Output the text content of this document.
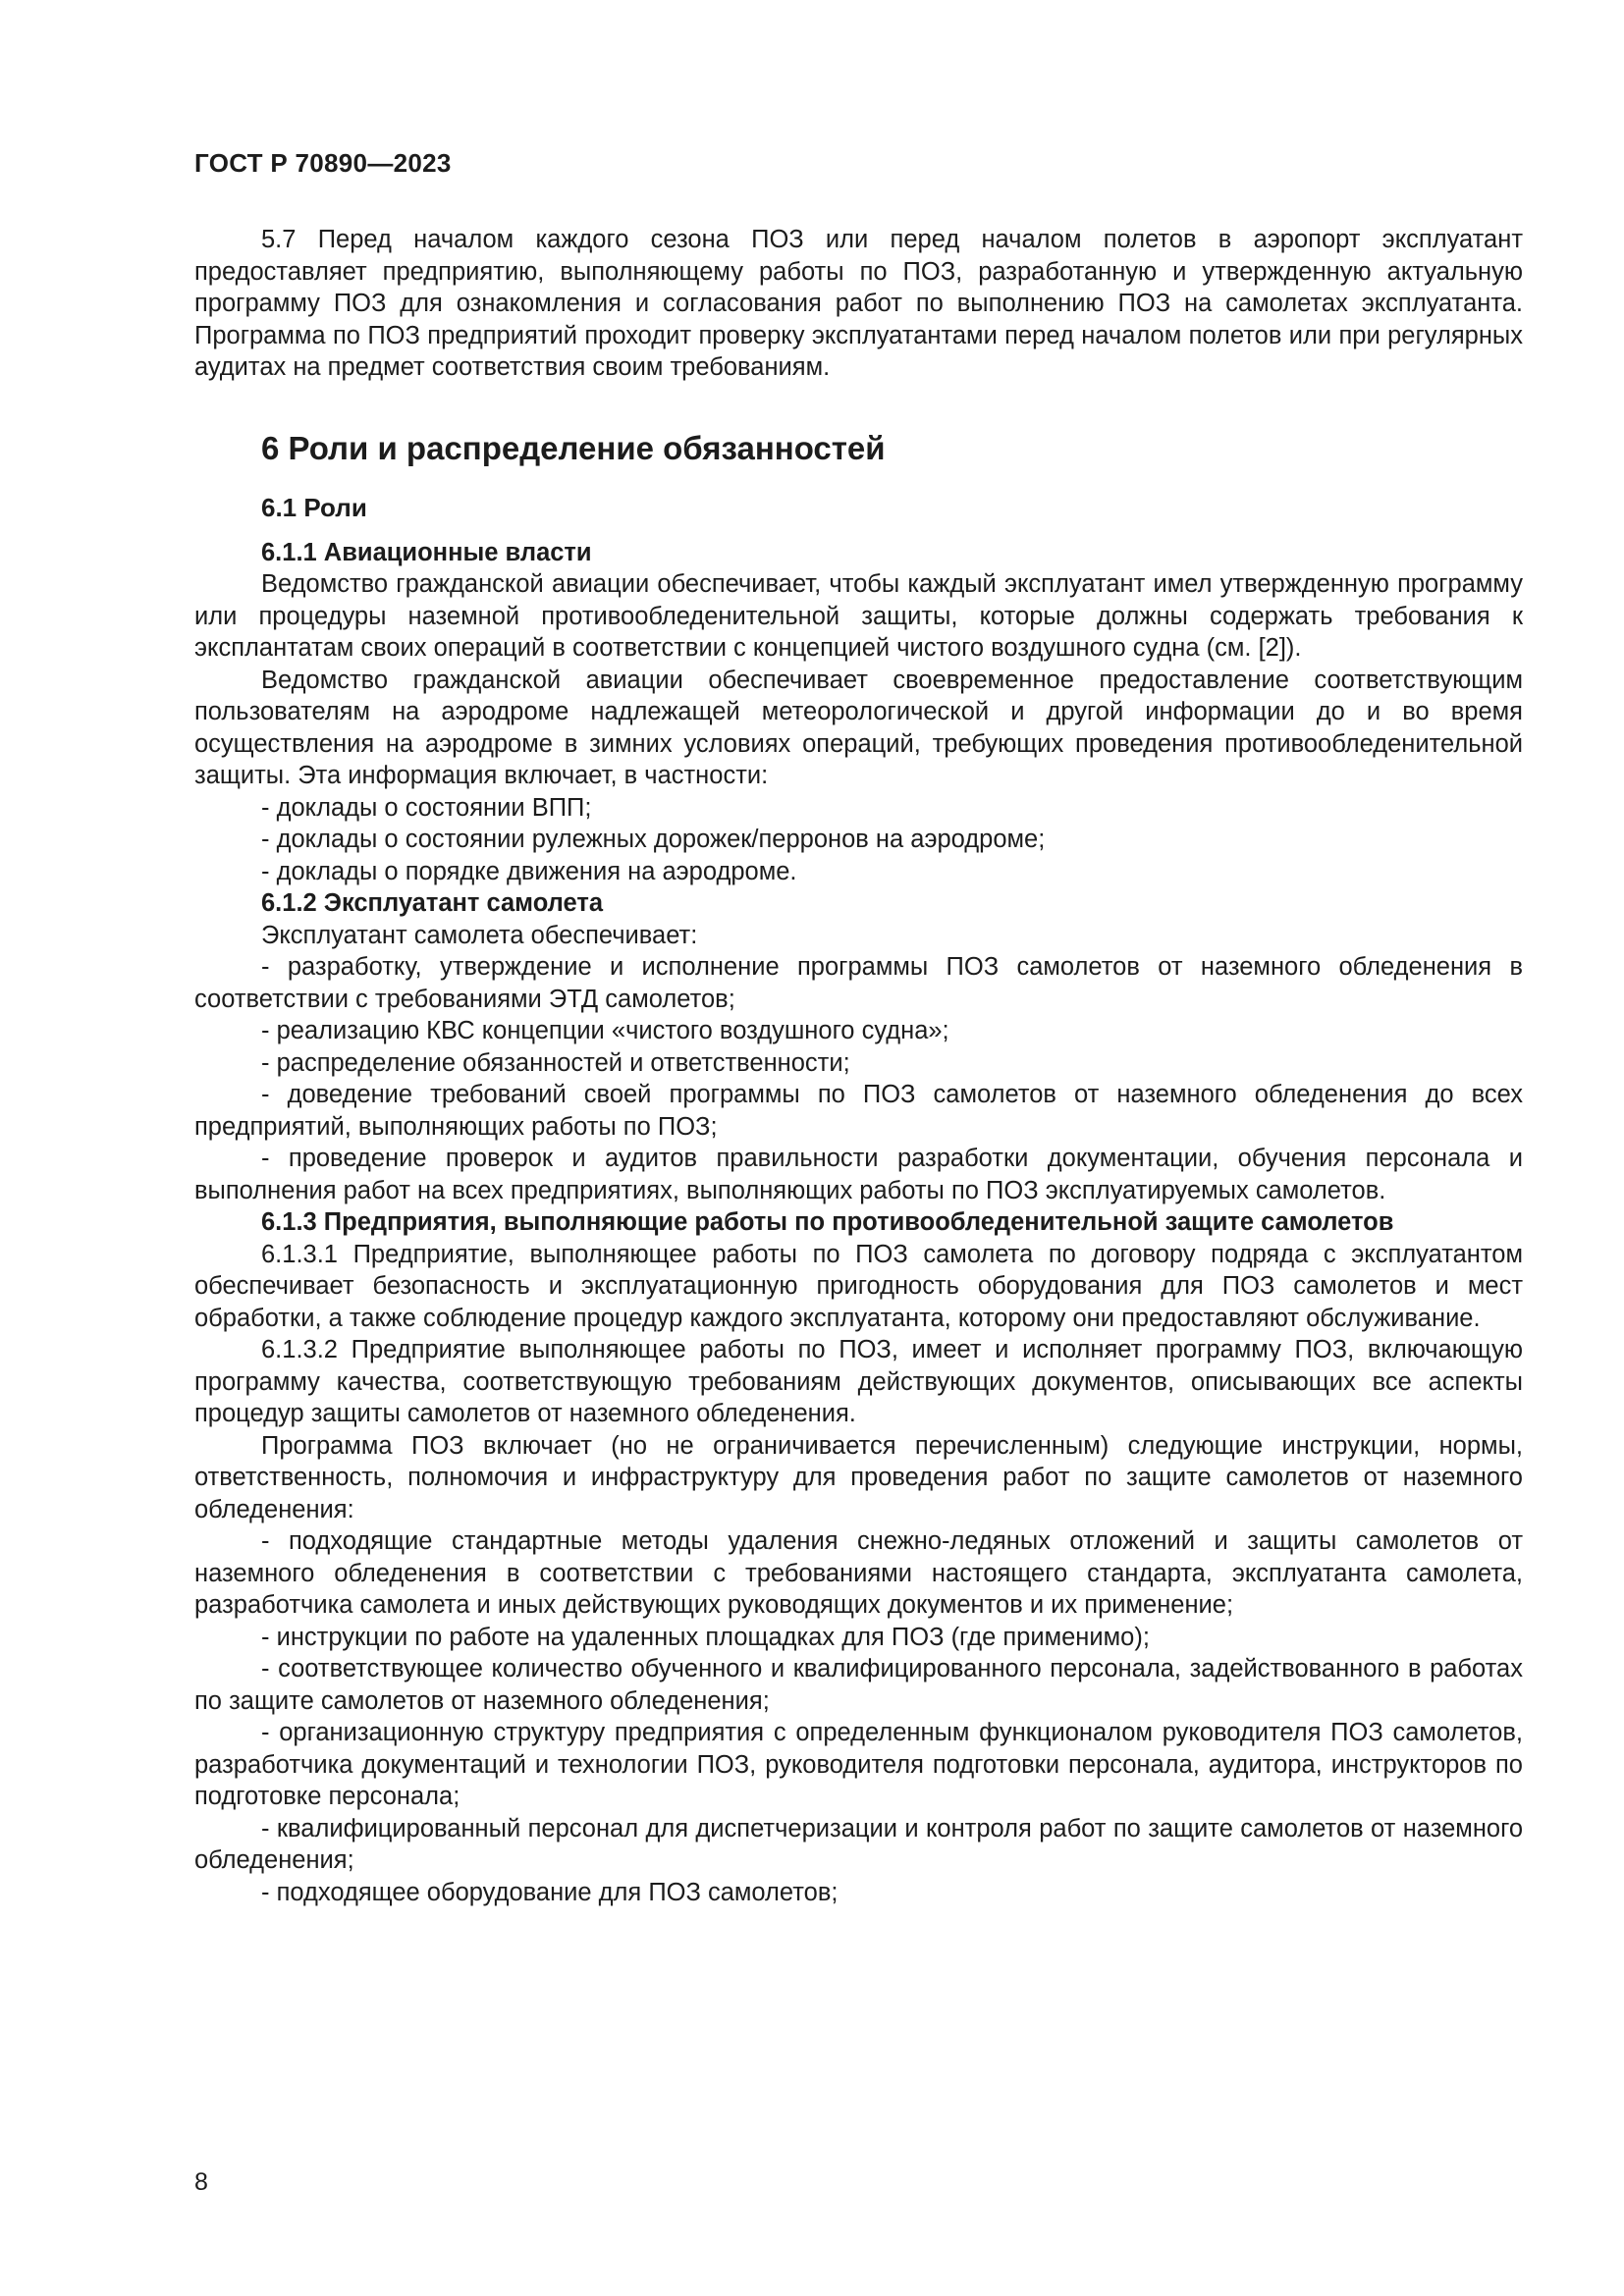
ГОСТ Р 70890—2023

5.7 Перед началом каждого сезона ПОЗ или перед началом полетов в аэропорт эксплуатант предоставляет предприятию, выполняющему работы по ПОЗ, разработанную и утвержденную актуальную программу ПОЗ для ознакомления и согласования работ по выполнению ПОЗ на самолетах эксплуатанта. Программа по ПОЗ предприятий проходит проверку эксплуатантами перед началом полетов или при регулярных аудитах на предмет соответствия своим требованиям.

6 Роли и распределение обязанностей
6.1 Роли
6.1.1 Авиационные власти

Ведомство гражданской авиации обеспечивает, чтобы каждый эксплуатант имел утвержденную программу или процедуры наземной противообледенительной защиты, которые должны содержать требования к эксплантатам своих операций в соответствии с концепцией чистого воздушного судна (см. [2]).

Ведомство гражданской авиации обеспечивает своевременное предоставление соответствующим пользователям на аэродроме надлежащей метеорологической и другой информации до и во время осуществления на аэродроме в зимних условиях операций, требующих проведения противообледенительной защиты. Эта информация включает, в частности:

- доклады о состоянии ВПП;

- доклады о состоянии рулежных дорожек/перронов на аэродроме;

- доклады о порядке движения на аэродроме.

6.1.2 Эксплуатант самолета

Эксплуатант самолета обеспечивает:

- разработку, утверждение и исполнение программы ПОЗ самолетов от наземного обледенения в соответствии с требованиями ЭТД самолетов;

- реализацию КВС концепции «чистого воздушного судна»;

- распределение обязанностей и ответственности;

- доведение требований своей программы по ПОЗ самолетов от наземного обледенения до всех предприятий, выполняющих работы по ПОЗ;

- проведение проверок и аудитов правильности разработки документации, обучения персонала и выполнения работ на всех предприятиях, выполняющих работы по ПОЗ эксплуатируемых самолетов.

6.1.3 Предприятия, выполняющие работы по противообледенительной защите самолетов

6.1.3.1 Предприятие, выполняющее работы по ПОЗ самолета по договору подряда с эксплуатантом обеспечивает безопасность и эксплуатационную пригодность оборудования для ПОЗ самолетов и мест обработки, а также соблюдение процедур каждого эксплуатанта, которому они предоставляют обслуживание.

6.1.3.2 Предприятие выполняющее работы по ПОЗ, имеет и исполняет программу ПОЗ, включающую программу качества, соответствующую требованиям действующих документов, описывающих все аспекты процедур защиты самолетов от наземного обледенения.

Программа ПОЗ включает (но не ограничивается перечисленным) следующие инструкции, нормы, ответственность, полномочия и инфраструктуру для проведения работ по защите самолетов от наземного обледенения:

- подходящие стандартные методы удаления снежно-ледяных отложений и защиты самолетов от наземного обледенения в соответствии с требованиями настоящего стандарта, эксплуатанта самолета, разработчика самолета и иных действующих руководящих документов и их применение;

- инструкции по работе на удаленных площадках для ПОЗ (где применимо);

- соответствующее количество обученного и квалифицированного персонала, задействованного в работах по защите самолетов от наземного обледенения;

- организационную структуру предприятия с определенным функционалом руководителя ПОЗ самолетов, разработчика документаций и технологии ПОЗ, руководителя подготовки персонала, аудитора, инструкторов по подготовке персонала;

- квалифицированный персонал для диспетчеризации и контроля работ по защите самолетов от наземного обледенения;

- подходящее оборудование для ПОЗ самолетов;

8
